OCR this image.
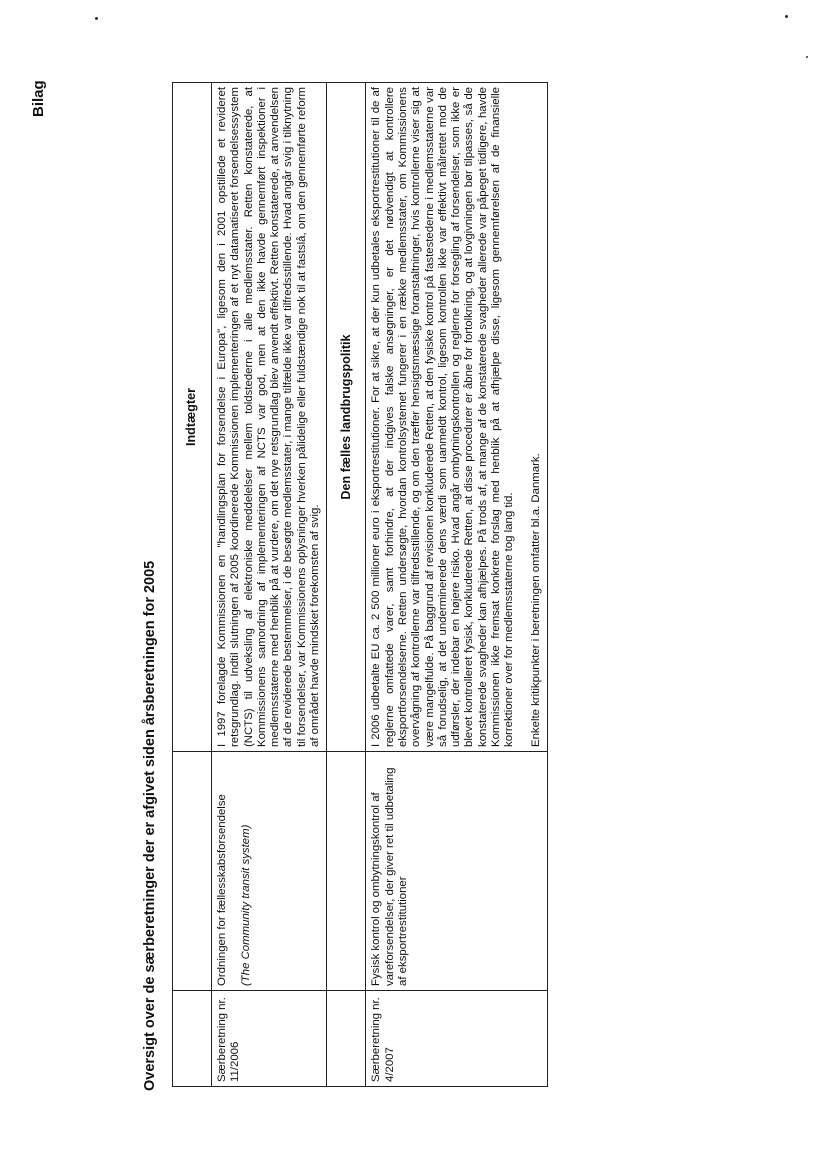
Bilag
Oversigt over de særberetninger der er afgivet siden årsberetningen for 2005
		Indtægter
Særberetning nr. 11/2006	Ordningen for fællesskabsforsendelse (The Community transit system)	I 1997 forelagde Kommissionen en "handlingsplan for forsendelse i Europa", ligesom den i 2001 opstillede et revideret retsgrundlag. Indtil slutningen af 2005 koordinerede Kommissionen implementeringen af et nyt datamatiseret forsendelsessystem (NCTS) til udveksling af elektroniske meddelelser mellem toldstederne i alle medlemsstater. Retten konstaterede, at Kommissionens samordning af implementeringen af NCTS var god, men at den ikke havde gennemført inspektioner i medlemsstaterne med henblik på at vurdere, om det nye retsgrundlag blev anvendt effektivt. Retten konstaterede, at anvendelsen af de reviderede bestemmelser, i de besøgte medlemsstater, i mange tilfælde ikke var tilfredsstillende. Hvad angår svig i tilknytning til forsendelser, var Kommissionens oplysninger hverken pålidelige eller fuldstændige nok til at fastslå, om den gennemførte reform af området havde mindsket forekomsten af svig.

		Den fælles landbrugspolitik
Særberetning nr. 4/2007	Fysisk kontrol og ombytningskontrol af vareforsendelser, der giver ret til udbetaling af eksportrestitutioner	I 2006 udbetalte EU ca. 2 500 millioner euro i eksportrestitutioner. For at sikre, at der kun udbetales eksportrestitutioner til de af reglerne omfattede varer, samt forhindre, at der indgives falske ansøgninger, er det nødvendigt at kontrollere eksportforsendelserne. Retten undersøgte, hvordan kontrolsystemet fungerer i en række medlemsstater, om Kommissionens overvågning af kontrollerne var tilfredsstillende, og om den træffer hensigtsmæssige foranstaltninger, hvis kontrollerne viser sig at være mangelfulde. På baggrund af revisionen konkluderede Retten, at den fysiske kontrol på fastestederne i medlemsstaterne var så forudselig, at det underminerede dens værdi som uanmeldt kontrol, ligesom kontrollen ikke var effektivt målrettet mod de udførsler, der indebar en højere risiko. Hvad angår ombytningskontrollen og reglerne for forsegling af forsendelser, som ikke er blevet kontrolleret fysisk, konkluderede Retten, at disse procedurer er åbne for fortolkning, og at lovgivningen bør tilpasses, så de konstaterede svagheder kan afhjælpes. På trods af, at mange af de konstaterede svagheder allerede var påpeget tidligere, havde Kommissionen ikke fremsat konkrete forslag med henblik på at afhjælpe disse, ligesom gennemførelsen af de finansielle korrektioner over for medlemsstaterne tog lang tid. Enkelte kritikpunkter i beretningen omfatter bl.a. Danmark.
